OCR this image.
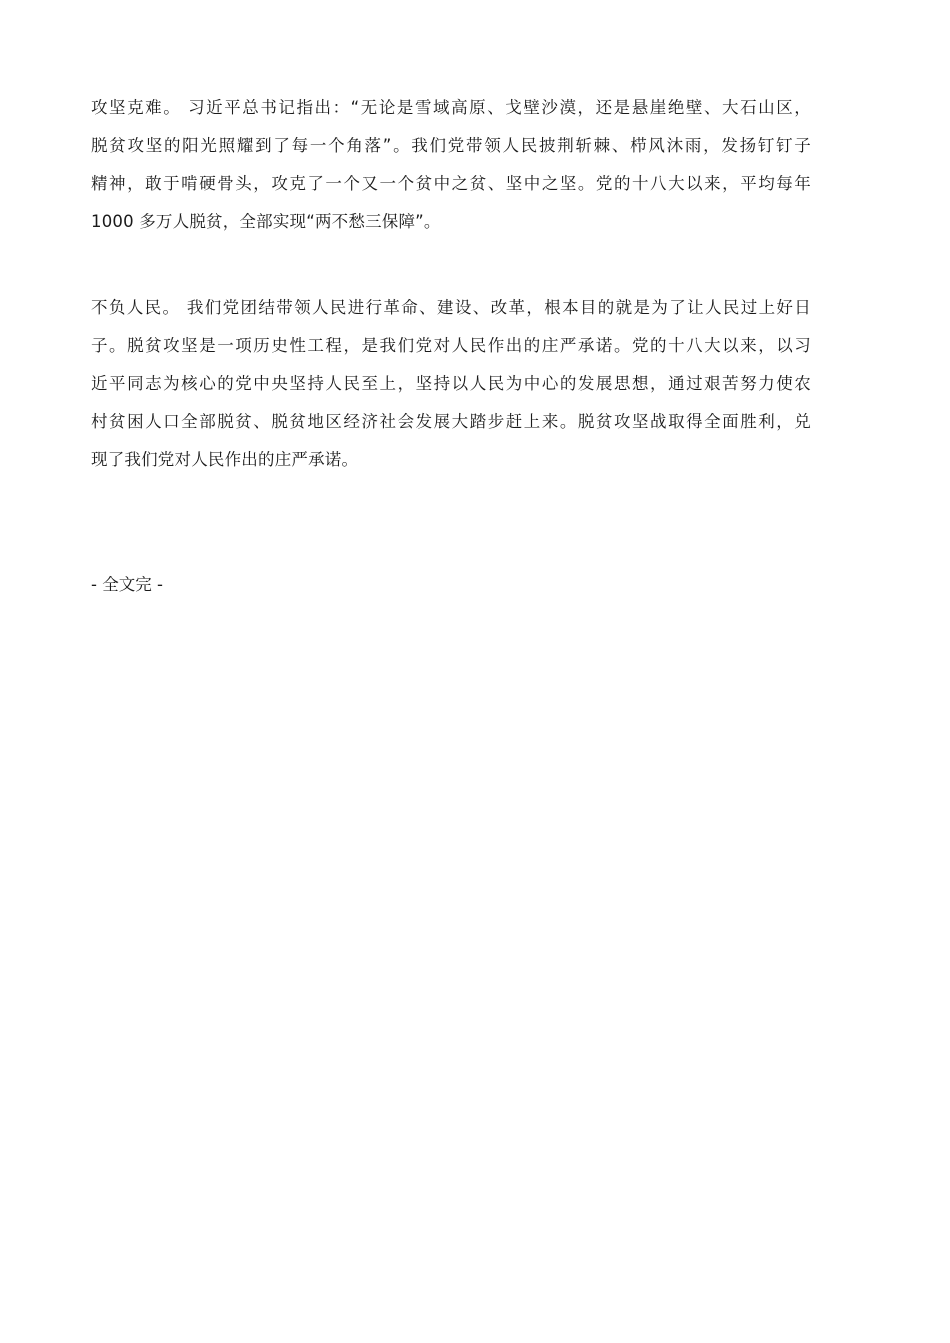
攻坚克难。 习近平总书记指出：“无论是雪域高原、戈壁沙漠，还是悬崖绝壁、大石山区，
脱贫攻坚的阳光照耀到了每一个角落”。我们党带领人民披荆斩棘、栉风沐雨，发扬钉钉子
精神，敢于啃硬骨头，攻克了一个又一个贫中之贫、坚中之坚。党的十八大以来，平均每年
1000 多万人脱贫，全部实现“两不愁三保障”。
不负人民。 我们党团结带领人民进行革命、建设、改革，根本目的就是为了让人民过上好日
子。脱贫攻坚是一项历史性工程，是我们党对人民作出的庄严承诺。党的十八大以来，以习
近平同志为核心的党中央坚持人民至上，坚持以人民为中心的发展思想，通过艰苦努力使农
村贫困人口全部脱贫、脱贫地区经济社会发展大踏步赶上来。脱贫攻坚战取得全面胜利，兑
现了我们党对人民作出的庄严承诺。

- 全文完 -
